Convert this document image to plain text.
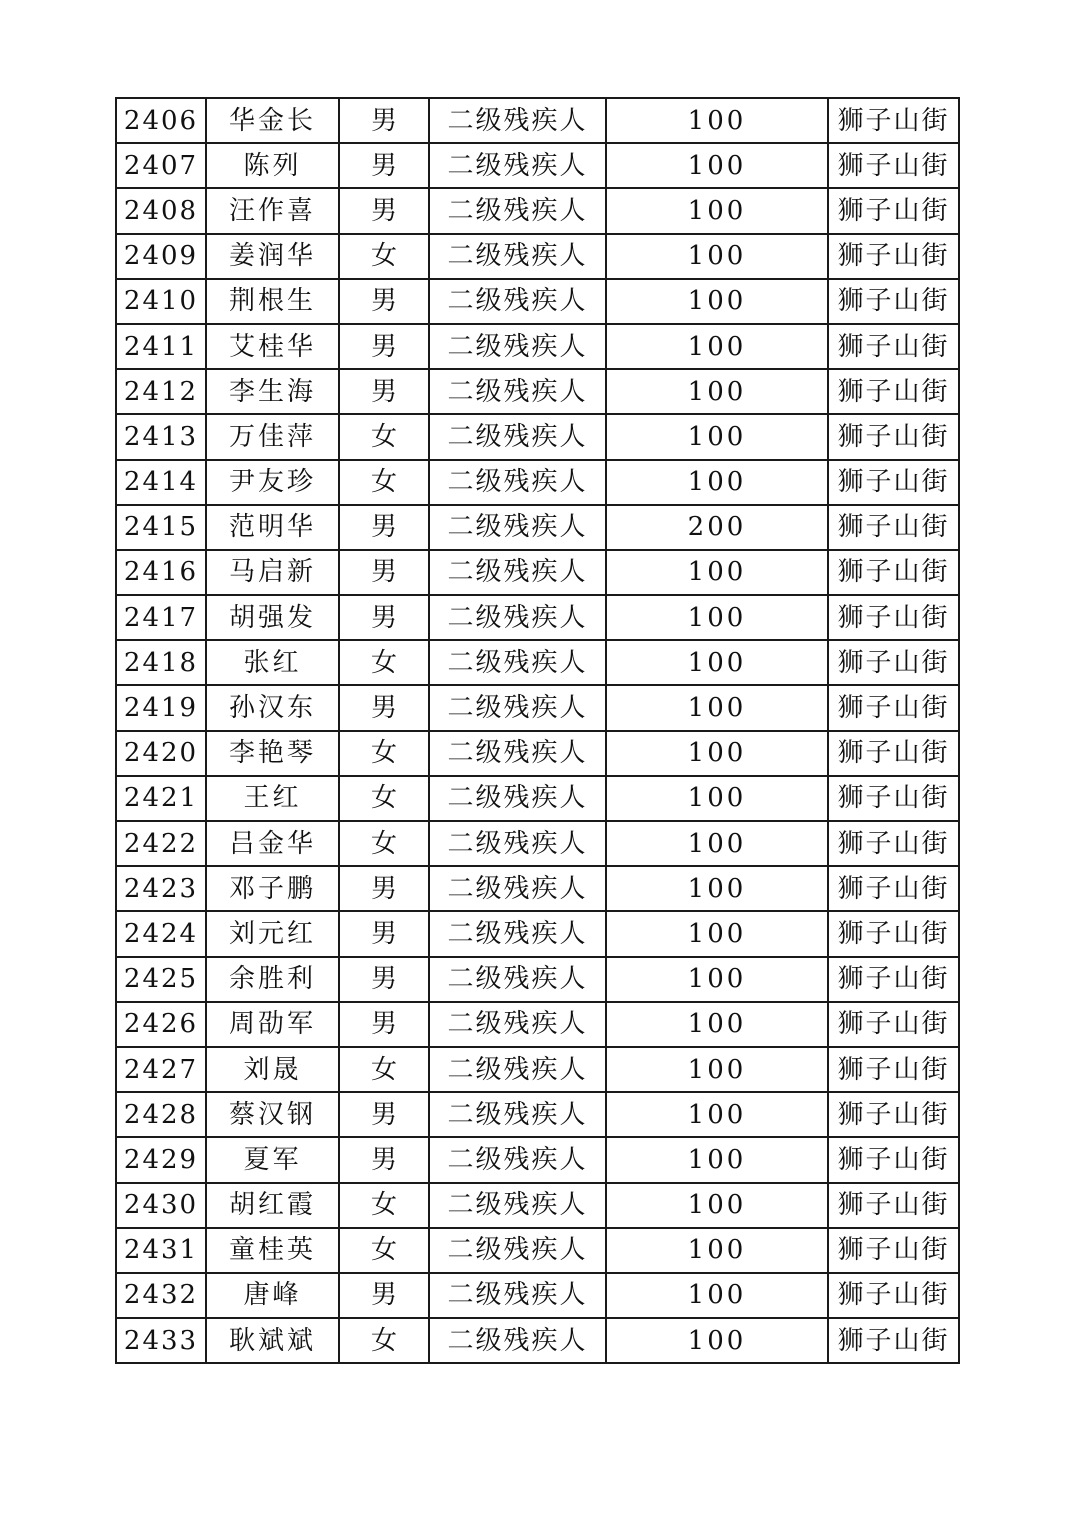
2406	华金长	男	二级残疾人	100	狮子山街
2407	陈列	男	二级残疾人	100	狮子山街
2408	汪作喜	男	二级残疾人	100	狮子山街
2409	姜润华	女	二级残疾人	100	狮子山街
2410	荆根生	男	二级残疾人	100	狮子山街
2411	艾桂华	男	二级残疾人	100	狮子山街
2412	李生海	男	二级残疾人	100	狮子山街
2413	万佳萍	女	二级残疾人	100	狮子山街
2414	尹友珍	女	二级残疾人	100	狮子山街
2415	范明华	男	二级残疾人	200	狮子山街
2416	马启新	男	二级残疾人	100	狮子山街
2417	胡强发	男	二级残疾人	100	狮子山街
2418	张红	女	二级残疾人	100	狮子山街
2419	孙汉东	男	二级残疾人	100	狮子山街
2420	李艳琴	女	二级残疾人	100	狮子山街
2421	王红	女	二级残疾人	100	狮子山街
2422	吕金华	女	二级残疾人	100	狮子山街
2423	邓子鹏	男	二级残疾人	100	狮子山街
2424	刘元红	男	二级残疾人	100	狮子山街
2425	余胜利	男	二级残疾人	100	狮子山街
2426	周劭军	男	二级残疾人	100	狮子山街
2427	刘晟	女	二级残疾人	100	狮子山街
2428	蔡汉钢	男	二级残疾人	100	狮子山街
2429	夏军	男	二级残疾人	100	狮子山街
2430	胡红霞	女	二级残疾人	100	狮子山街
2431	童桂英	女	二级残疾人	100	狮子山街
2432	唐峰	男	二级残疾人	100	狮子山街
2433	耿斌斌	女	二级残疾人	100	狮子山街
